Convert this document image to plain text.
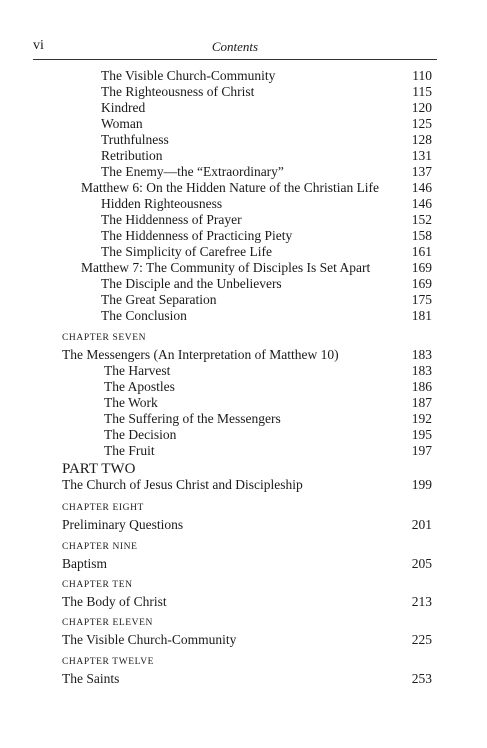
vi	Contents
The Visible Church-Community	110
The Righteousness of Christ	115
Kindred	120
Woman	125
Truthfulness	128
Retribution	131
The Enemy—the “Extraordinary”	137
Matthew 6: On the Hidden Nature of the Christian Life 146
Hidden Righteousness	146
The Hiddenness of Prayer	152
The Hiddenness of Practicing Piety	158
The Simplicity of Carefree Life	161
Matthew 7: The Community of Disciples Is Set Apart	169
The Disciple and the Unbelievers	169
The Great Separation	175
The Conclusion	181
CHAPTER SEVEN
The Messengers (An Interpretation of Matthew 10)	183
The Harvest	183
The Apostles	186
The Work	187
The Suffering of the Messengers	192
The Decision	195
The Fruit	197
PART TWO
The Church of Jesus Christ and Discipleship	199
CHAPTER EIGHT
Preliminary Questions	201
CHAPTER NINE
Baptism	205
CHAPTER TEN
The Body of Christ	213
CHAPTER ELEVEN
The Visible Church-Community	225
CHAPTER TWELVE
The Saints	253
